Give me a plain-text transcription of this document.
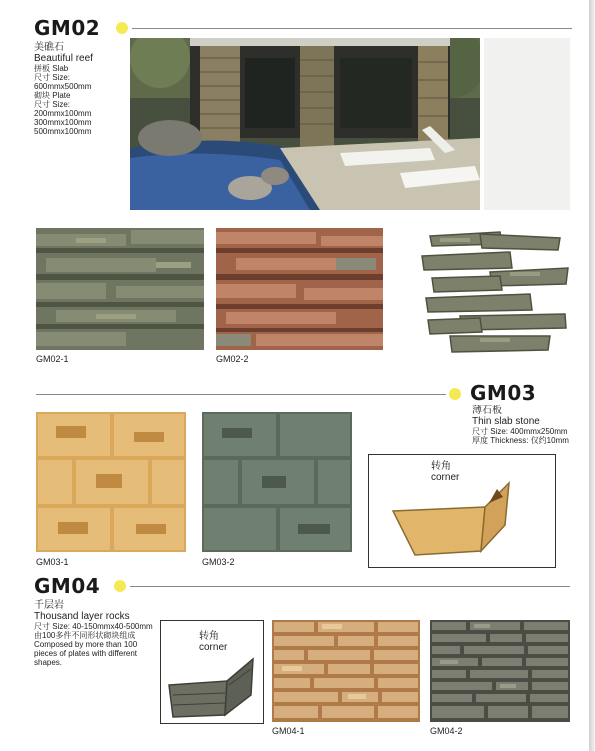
GM02
美礁石
Beautiful reef
拼板 Slab
尺寸 Size:
600mmx500mm
砌块 Plate
尺寸 Size:
200mmx100mm
300mmx100mm
500mmx100mm
GM02-1	GM02-2
GM03
薄石板
Thin slab stone
尺寸 Size: 400mmx250mm
厚度 Thickness: 仅约10mm
GM03-1	GM03-2
转角
corner
GM04
千层岩
Thousand layer rocks
尺寸 Size: 40-150mmx40-500mm
由100多件不同形状砌块组成
Composed by more than 100
pieces of plates with different
shapes.
转角
corner
GM04-1	GM04-2
